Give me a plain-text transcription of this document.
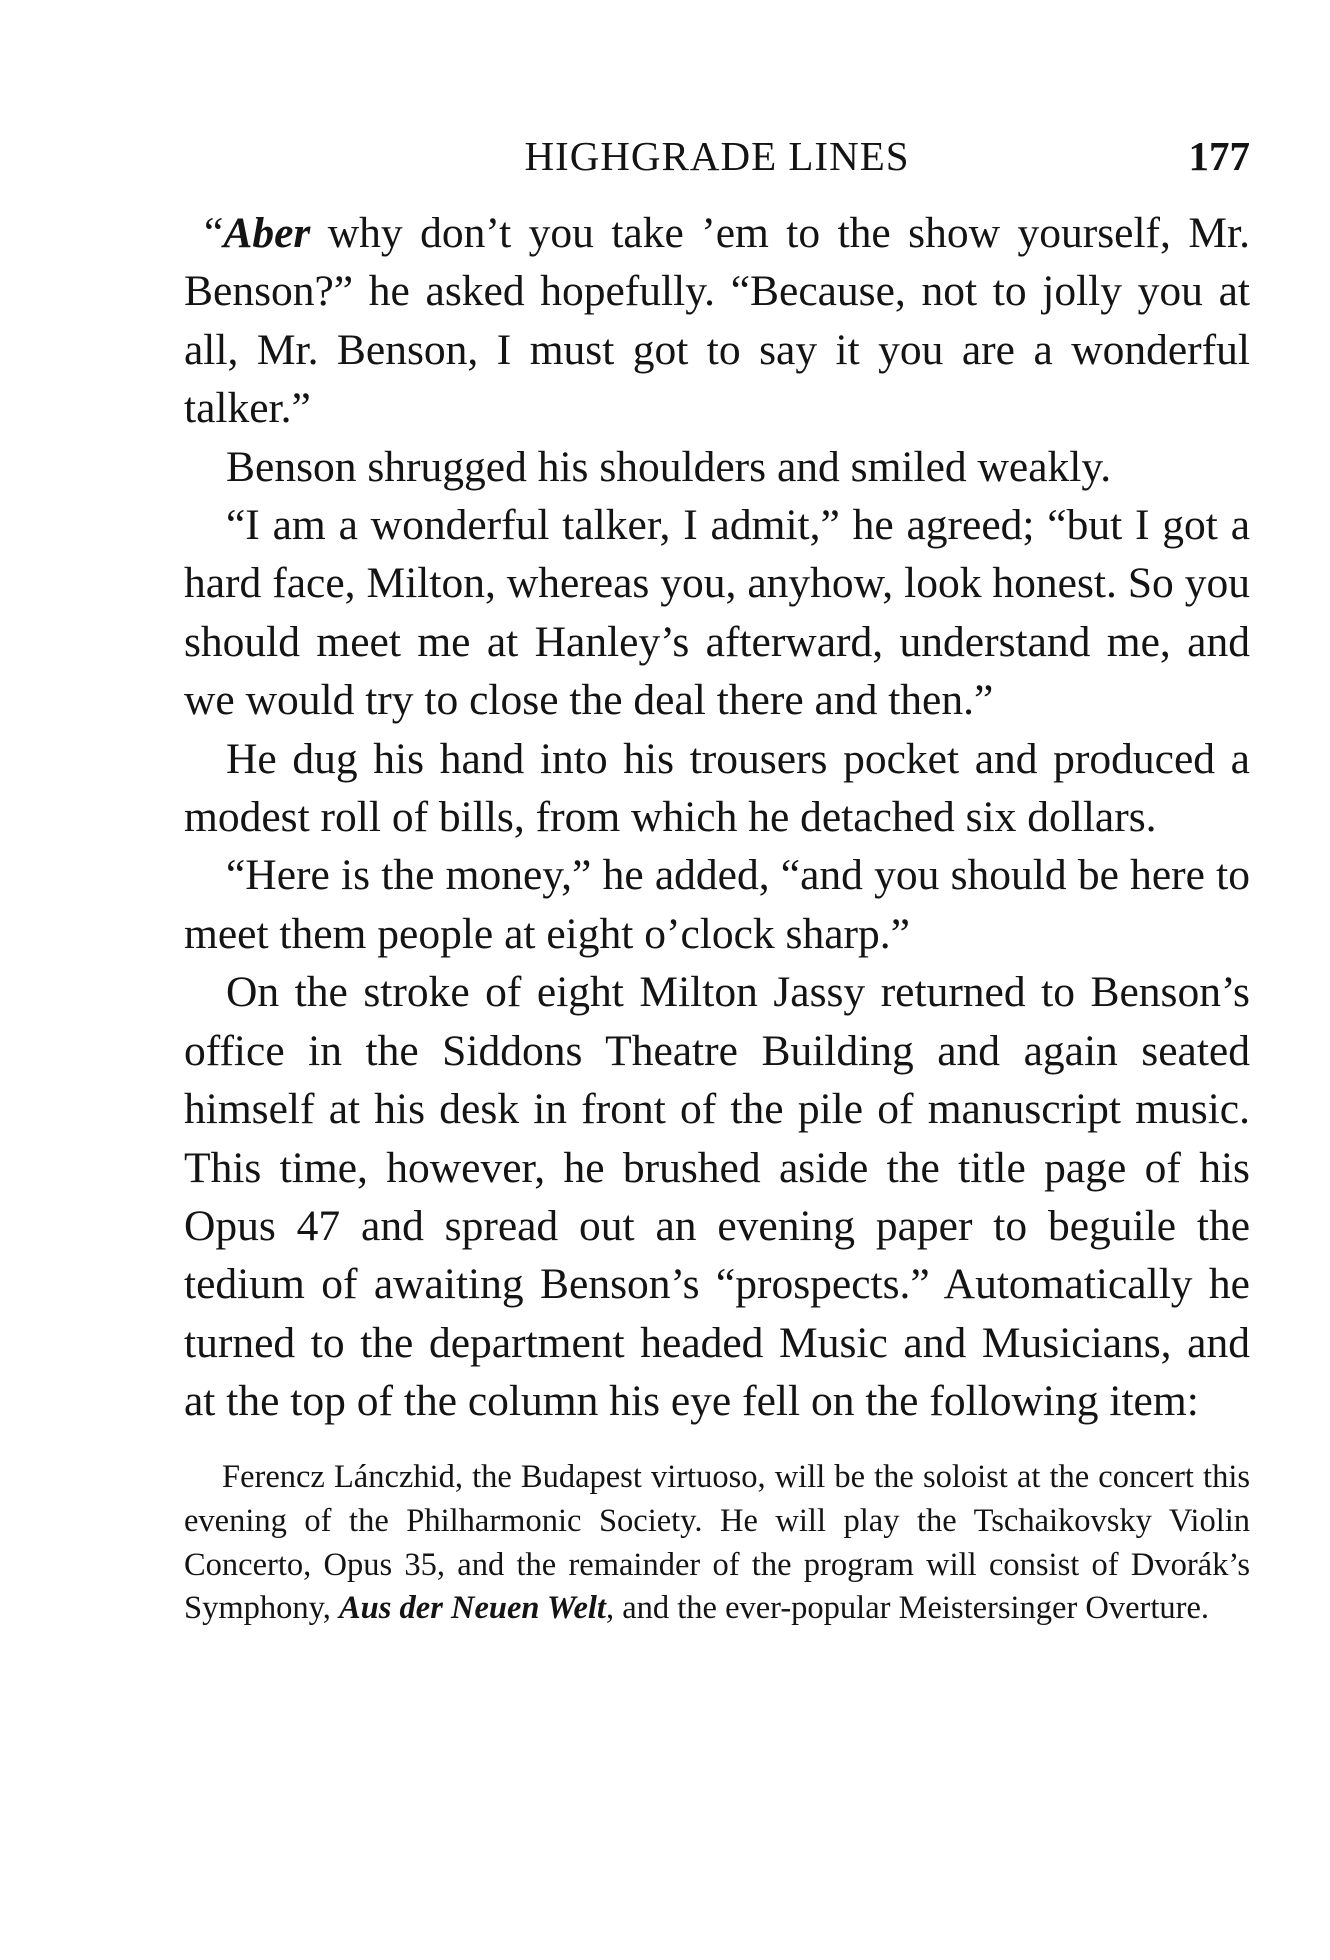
HIGHGRADE LINES	177

“Aber why don’t you take ’em to the show yourself, Mr. Benson?” he asked hopefully. “Because, not to jolly you at all, Mr. Benson, I must got to say it you are a wonderful talker.”

Benson shrugged his shoulders and smiled weakly.

“I am a wonderful talker, I admit,” he agreed; “but I got a hard face, Milton, whereas you, anyhow, look honest. So you should meet me at Hanley’s afterward, understand me, and we would try to close the deal there and then.”

He dug his hand into his trousers pocket and produced a modest roll of bills, from which he detached six dollars.

“Here is the money,” he added, “and you should be here to meet them people at eight o’clock sharp.”

On the stroke of eight Milton Jassy returned to Benson’s office in the Siddons Theatre Building and again seated himself at his desk in front of the pile of manuscript music. This time, however, he brushed aside the title page of his Opus 47 and spread out an evening paper to beguile the tedium of awaiting Benson’s “prospects.” Automatically he turned to the department headed Music and Musicians, and at the top of the column his eye fell on the following item:

Ferencz Lánczhid, the Budapest virtuoso, will be the soloist at the concert this evening of the Philharmonic Society. He will play the Tschaikovsky Violin Concerto, Opus 35, and the remainder of the program will consist of Dvorák’s Symphony, Aus der Neuen Welt, and the ever-popular Meistersinger Overture.
